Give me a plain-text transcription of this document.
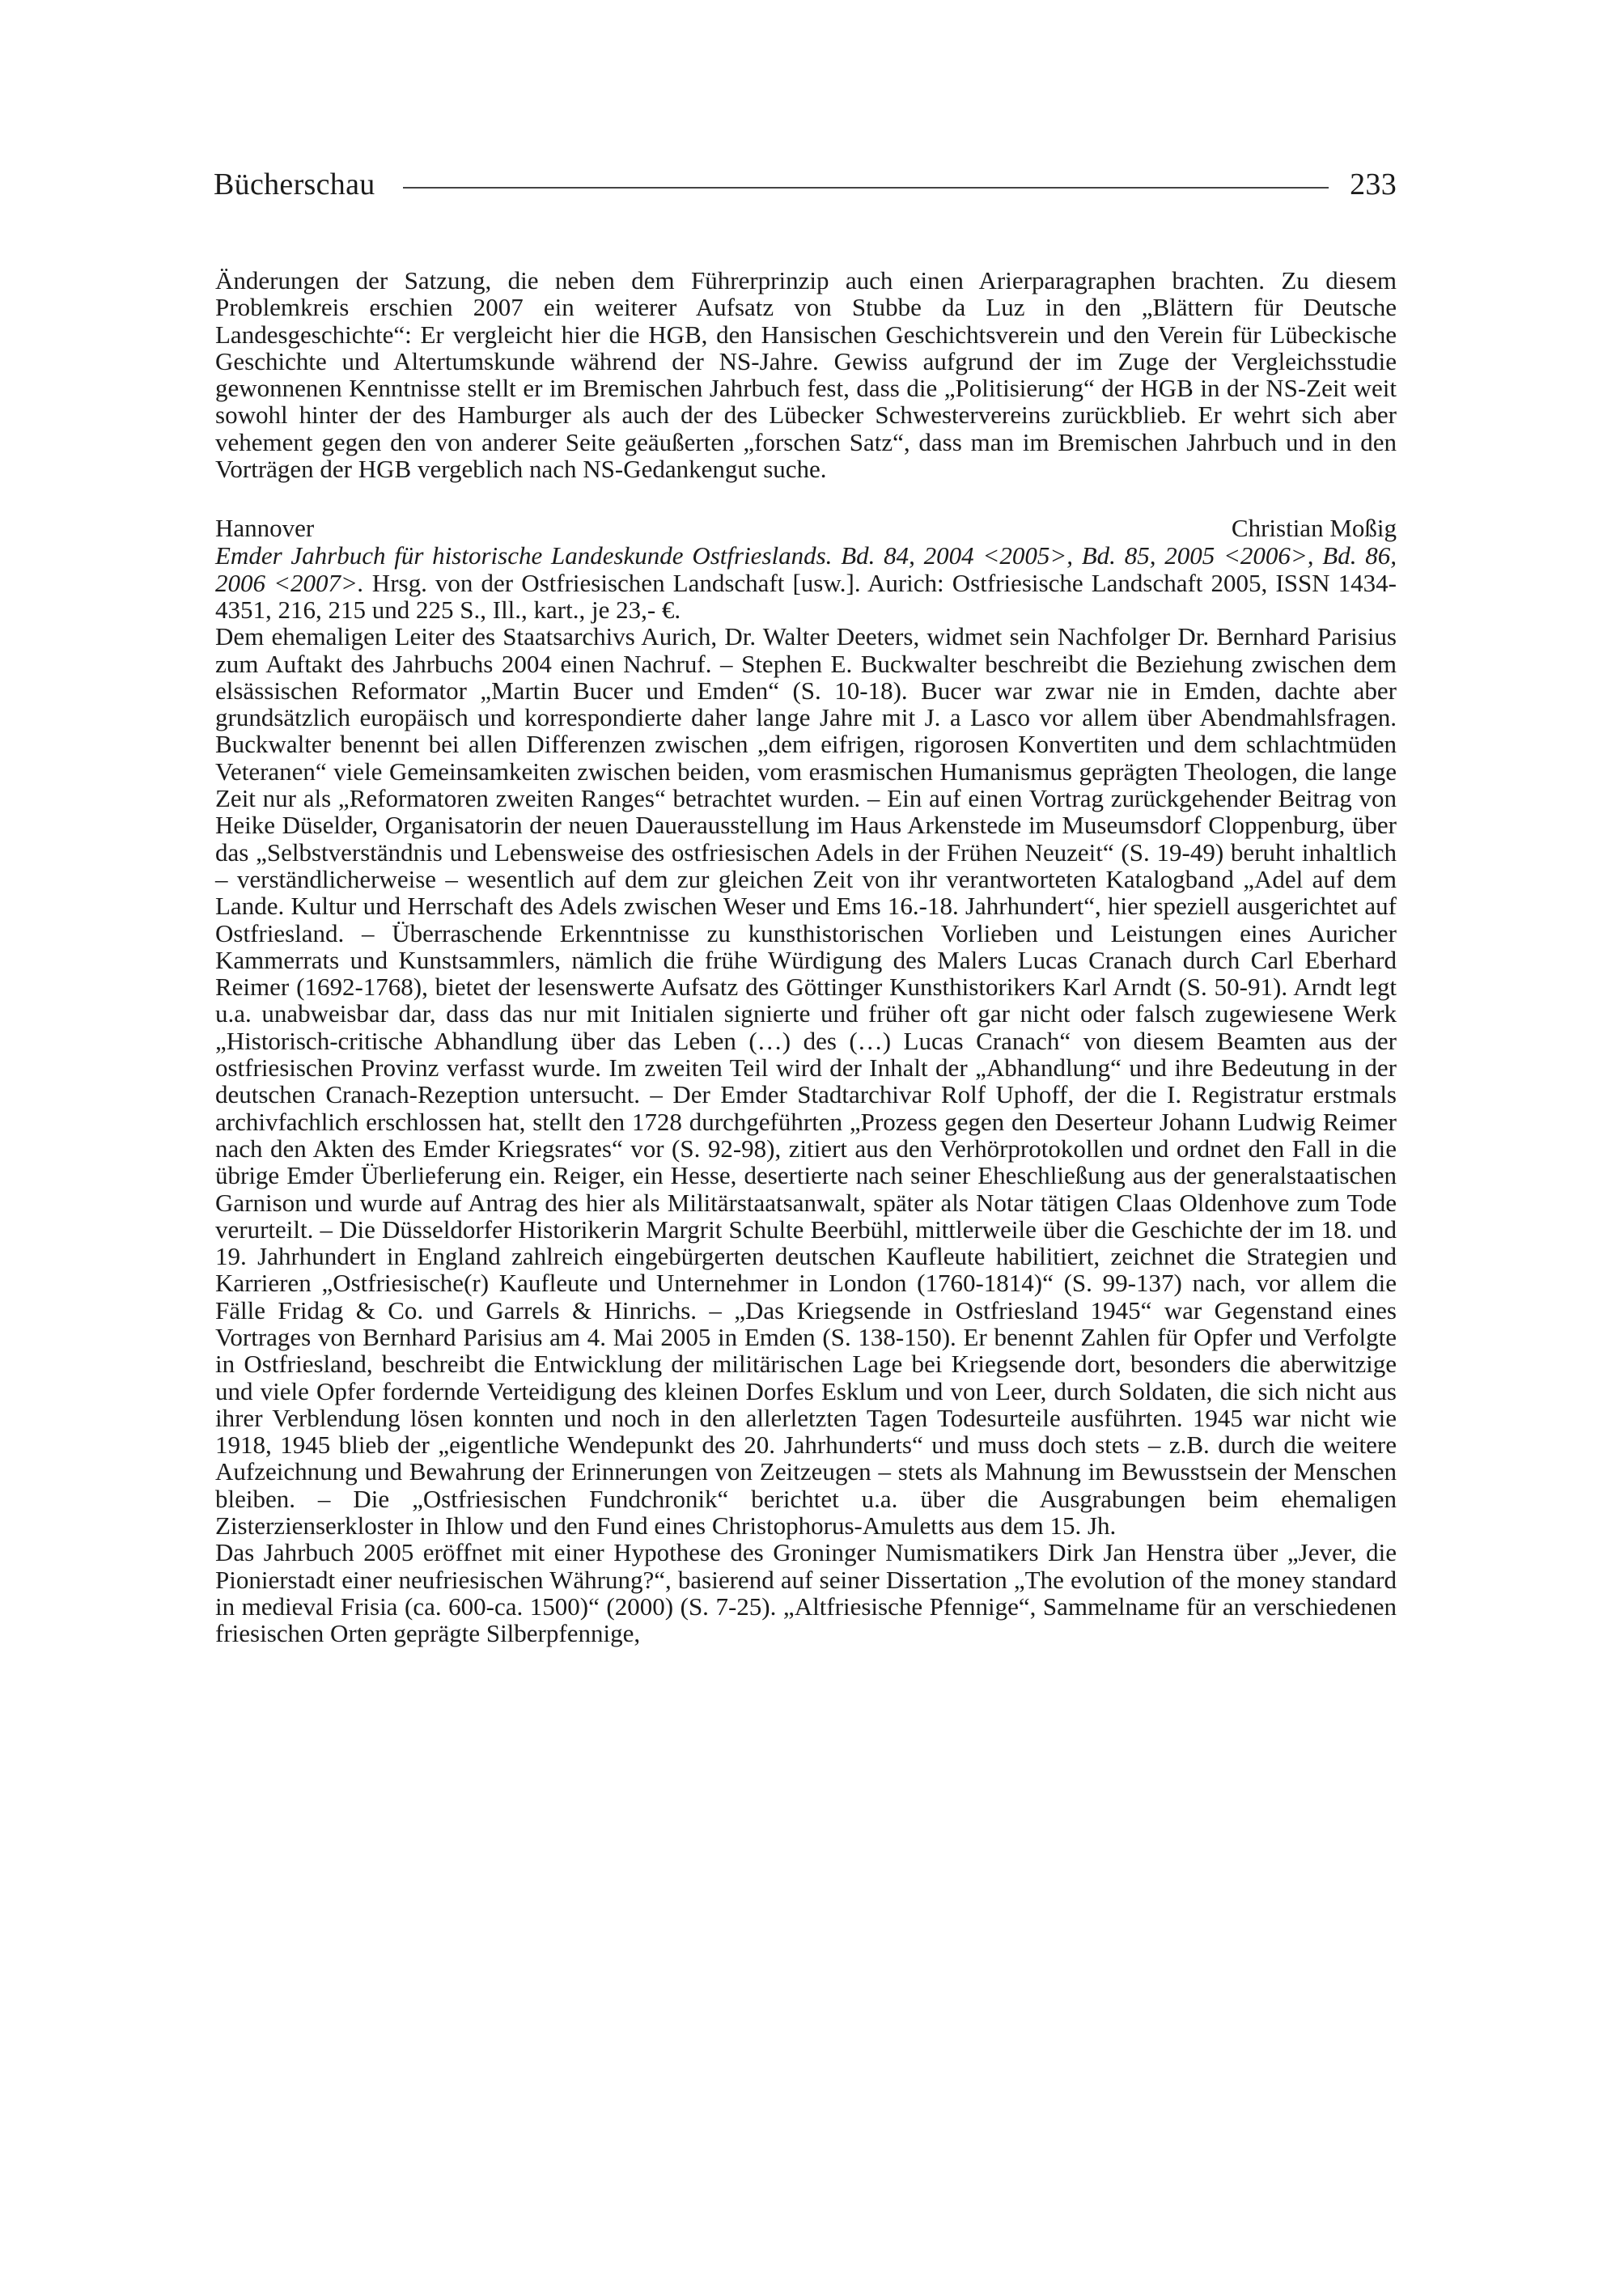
Bücherschau	233

Änderungen der Satzung, die neben dem Führerprinzip auch einen Arierparagraphen brachten. Zu diesem Problemkreis erschien 2007 ein weiterer Aufsatz von Stubbe da Luz in den „Blättern für Deutsche Landesgeschichte“: Er vergleicht hier die HGB, den Hansischen Geschichtsverein und den Verein für Lübeckische Geschichte und Altertumskunde während der NS-Jahre. Gewiss aufgrund der im Zuge der Vergleichsstudie gewonnenen Kenntnisse stellt er im Bremischen Jahrbuch fest, dass die „Politisierung“ der HGB in der NS-Zeit weit sowohl hinter der des Hamburger als auch der des Lübecker Schwestervereins zurückblieb. Er wehrt sich aber vehement gegen den von anderer Seite geäußerten „forschen Satz“, dass man im Bremischen Jahrbuch und in den Vorträgen der HGB vergeblich nach NS-Gedankengut suche.

Hannover	Christian Moßig

Emder Jahrbuch für historische Landeskunde Ostfrieslands. Bd. 84, 2004 <2005>, Bd. 85, 2005 <2006>, Bd. 86, 2006 <2007>. Hrsg. von der Ostfriesischen Landschaft [usw.]. Aurich: Ostfriesische Landschaft 2005, ISSN 1434-4351, 216, 215 und 225 S., Ill., kart., je 23,- €.

Dem ehemaligen Leiter des Staatsarchivs Aurich, Dr. Walter Deeters, widmet sein Nachfolger Dr. Bernhard Parisius zum Auftakt des Jahrbuchs 2004 einen Nachruf. – Stephen E. Buckwalter beschreibt die Beziehung zwischen dem elsässischen Reformator „Martin Bucer und Emden“ (S. 10-18). Bucer war zwar nie in Emden, dachte aber grundsätzlich europäisch und korrespondierte daher lange Jahre mit J. a Lasco vor allem über Abendmahlsfragen. Buckwalter benennt bei allen Differenzen zwischen „dem eifrigen, rigorosen Konvertiten und dem schlachtmüden Veteranen“ viele Gemeinsamkeiten zwischen beiden, vom erasmischen Humanismus geprägten Theologen, die lange Zeit nur als „Reformatoren zweiten Ranges“ betrachtet wurden. – Ein auf einen Vortrag zurückgehender Beitrag von Heike Düselder, Organisatorin der neuen Dauerausstellung im Haus Arkenstede im Museumsdorf Cloppenburg, über das „Selbstverständnis und Lebensweise des ostfriesischen Adels in der Frühen Neuzeit“ (S. 19-49) beruht inhaltlich – verständlicherweise – wesentlich auf dem zur gleichen Zeit von ihr verantworteten Katalogband „Adel auf dem Lande. Kultur und Herrschaft des Adels zwischen Weser und Ems 16.-18. Jahrhundert“, hier speziell ausgerichtet auf Ostfriesland. – Überraschende Erkenntnisse zu kunsthistorischen Vorlieben und Leistungen eines Auricher Kammerrats und Kunstsammlers, nämlich die frühe Würdigung des Malers Lucas Cranach durch Carl Eberhard Reimer (1692-1768), bietet der lesenswerte Aufsatz des Göttinger Kunsthistorikers Karl Arndt (S. 50-91). Arndt legt u.a. unabweisbar dar, dass das nur mit Initialen signierte und früher oft gar nicht oder falsch zugewiesene Werk „Historisch-critische Abhandlung über das Leben (…) des (…) Lucas Cranach“ von diesem Beamten aus der ostfriesischen Provinz verfasst wurde. Im zweiten Teil wird der Inhalt der „Abhandlung“ und ihre Bedeutung in der deutschen Cranach-Rezeption untersucht. – Der Emder Stadtarchivar Rolf Uphoff, der die I. Registratur erstmals archivfachlich erschlossen hat, stellt den 1728 durchgeführten „Prozess gegen den Deserteur Johann Ludwig Reimer nach den Akten des Emder Kriegsrates“ vor (S. 92-98), zitiert aus den Verhörprotokollen und ordnet den Fall in die übrige Emder Überlieferung ein. Reiger, ein Hesse, desertierte nach seiner Eheschließung aus der generalstaatischen Garnison und wurde auf Antrag des hier als Militärstaatsanwalt, später als Notar tätigen Claas Oldenhove zum Tode verurteilt. – Die Düsseldorfer Historikerin Margrit Schulte Beerbühl, mittlerweile über die Geschichte der im 18. und 19. Jahrhundert in England zahlreich eingebürgerten deutschen Kaufleute habilitiert, zeichnet die Strategien und Karrieren „Ostfriesische(r) Kaufleute und Unternehmer in London (1760-1814)“ (S. 99-137) nach, vor allem die Fälle Fridag & Co. und Garrels & Hinrichs. – „Das Kriegsende in Ostfriesland 1945“ war Gegenstand eines Vortrages von Bernhard Parisius am 4. Mai 2005 in Emden (S. 138-150). Er benennt Zahlen für Opfer und Verfolgte in Ostfriesland, beschreibt die Entwicklung der militärischen Lage bei Kriegsende dort, besonders die aberwitzige und viele Opfer fordernde Verteidigung des kleinen Dorfes Esklum und von Leer, durch Soldaten, die sich nicht aus ihrer Verblendung lösen konnten und noch in den allerletzten Tagen Todesurteile ausführten. 1945 war nicht wie 1918, 1945 blieb der „eigentliche Wendepunkt des 20. Jahrhunderts“ und muss doch stets – z.B. durch die weitere Aufzeichnung und Bewahrung der Erinnerungen von Zeitzeugen – stets als Mahnung im Bewusstsein der Menschen bleiben. – Die „Ostfriesischen Fundchronik“ berichtet u.a. über die Ausgrabungen beim ehemaligen Zisterzienserkloster in Ihlow und den Fund eines Christophorus-Amuletts aus dem 15. Jh.

Das Jahrbuch 2005 eröffnet mit einer Hypothese des Groninger Numismatikers Dirk Jan Henstra über „Jever, die Pionierstadt einer neufriesischen Währung?“, basierend auf seiner Dissertation „The evolution of the money standard in medieval Frisia (ca. 600-ca. 1500)“ (2000) (S. 7-25). „Altfriesische Pfennige“, Sammelname für an verschiedenen friesischen Orten geprägte Silberpfennige,
